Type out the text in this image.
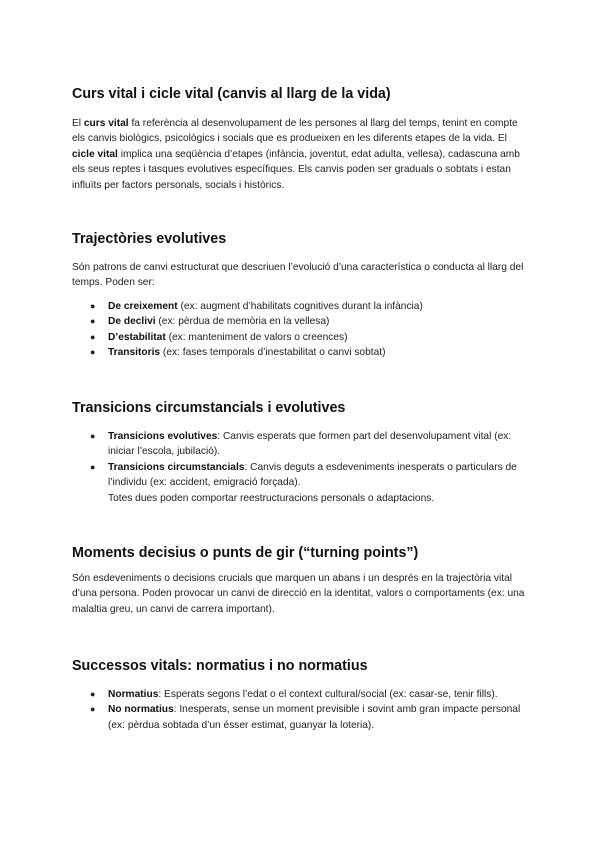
Curs vital i cicle vital (canvis al llarg de la vida)

El curs vital fa referència al desenvolupament de les persones al llarg del temps, tenint en compte els canvis biològics, psicològics i socials que es produeixen en les diferents etapes de la vida. El cicle vital implica una seqüència d’etapes (infància, joventut, edat adulta, vellesa), cadascuna amb els seus reptes i tasques evolutives específiques. Els canvis poden ser graduals o sobtats i estan influïts per factors personals, socials i històrics.

Trajectòries evolutives

Són patrons de canvi estructurat que descriuen l’evolució d’una característica o conducta al llarg del temps. Poden ser:

● De creixement (ex: augment d’habilitats cognitives durant la infància)
● De declivi (ex: pèrdua de memòria en la vellesa)
● D’estabilitat (ex: manteniment de valors o creences)
● Transitoris (ex: fases temporals d’inestabilitat o canvi sobtat)
Transicions circumstancials i evolutives
● Transicions evolutives: Canvis esperats que formen part del desenvolupament vital (ex: iniciar l’escola, jubilació).
● Transicions circumstancials: Canvis deguts a esdeveniments inesperats o particulars de l’individu (ex: accident, emigració forçada).
Totes dues poden comportar reestructuracions personals o adaptacions.
Moments decisius o punts de gir (“turning points”)

Són esdeveniments o decisions crucials que marquen un abans i un després en la trajectòria vital d’una persona. Poden provocar un canvi de direcció en la identitat, valors o comportaments (ex: una malaltia greu, un canvi de carrera important).

Successos vitals: normatius i no normatius
● Normatius: Esperats segons l’edat o el context cultural/social (ex: casar-se, tenir fills).
● No normatius: Inesperats, sense un moment previsible i sovint amb gran impacte personal (ex: pèrdua sobtada d’un ésser estimat, guanyar la loteria).
